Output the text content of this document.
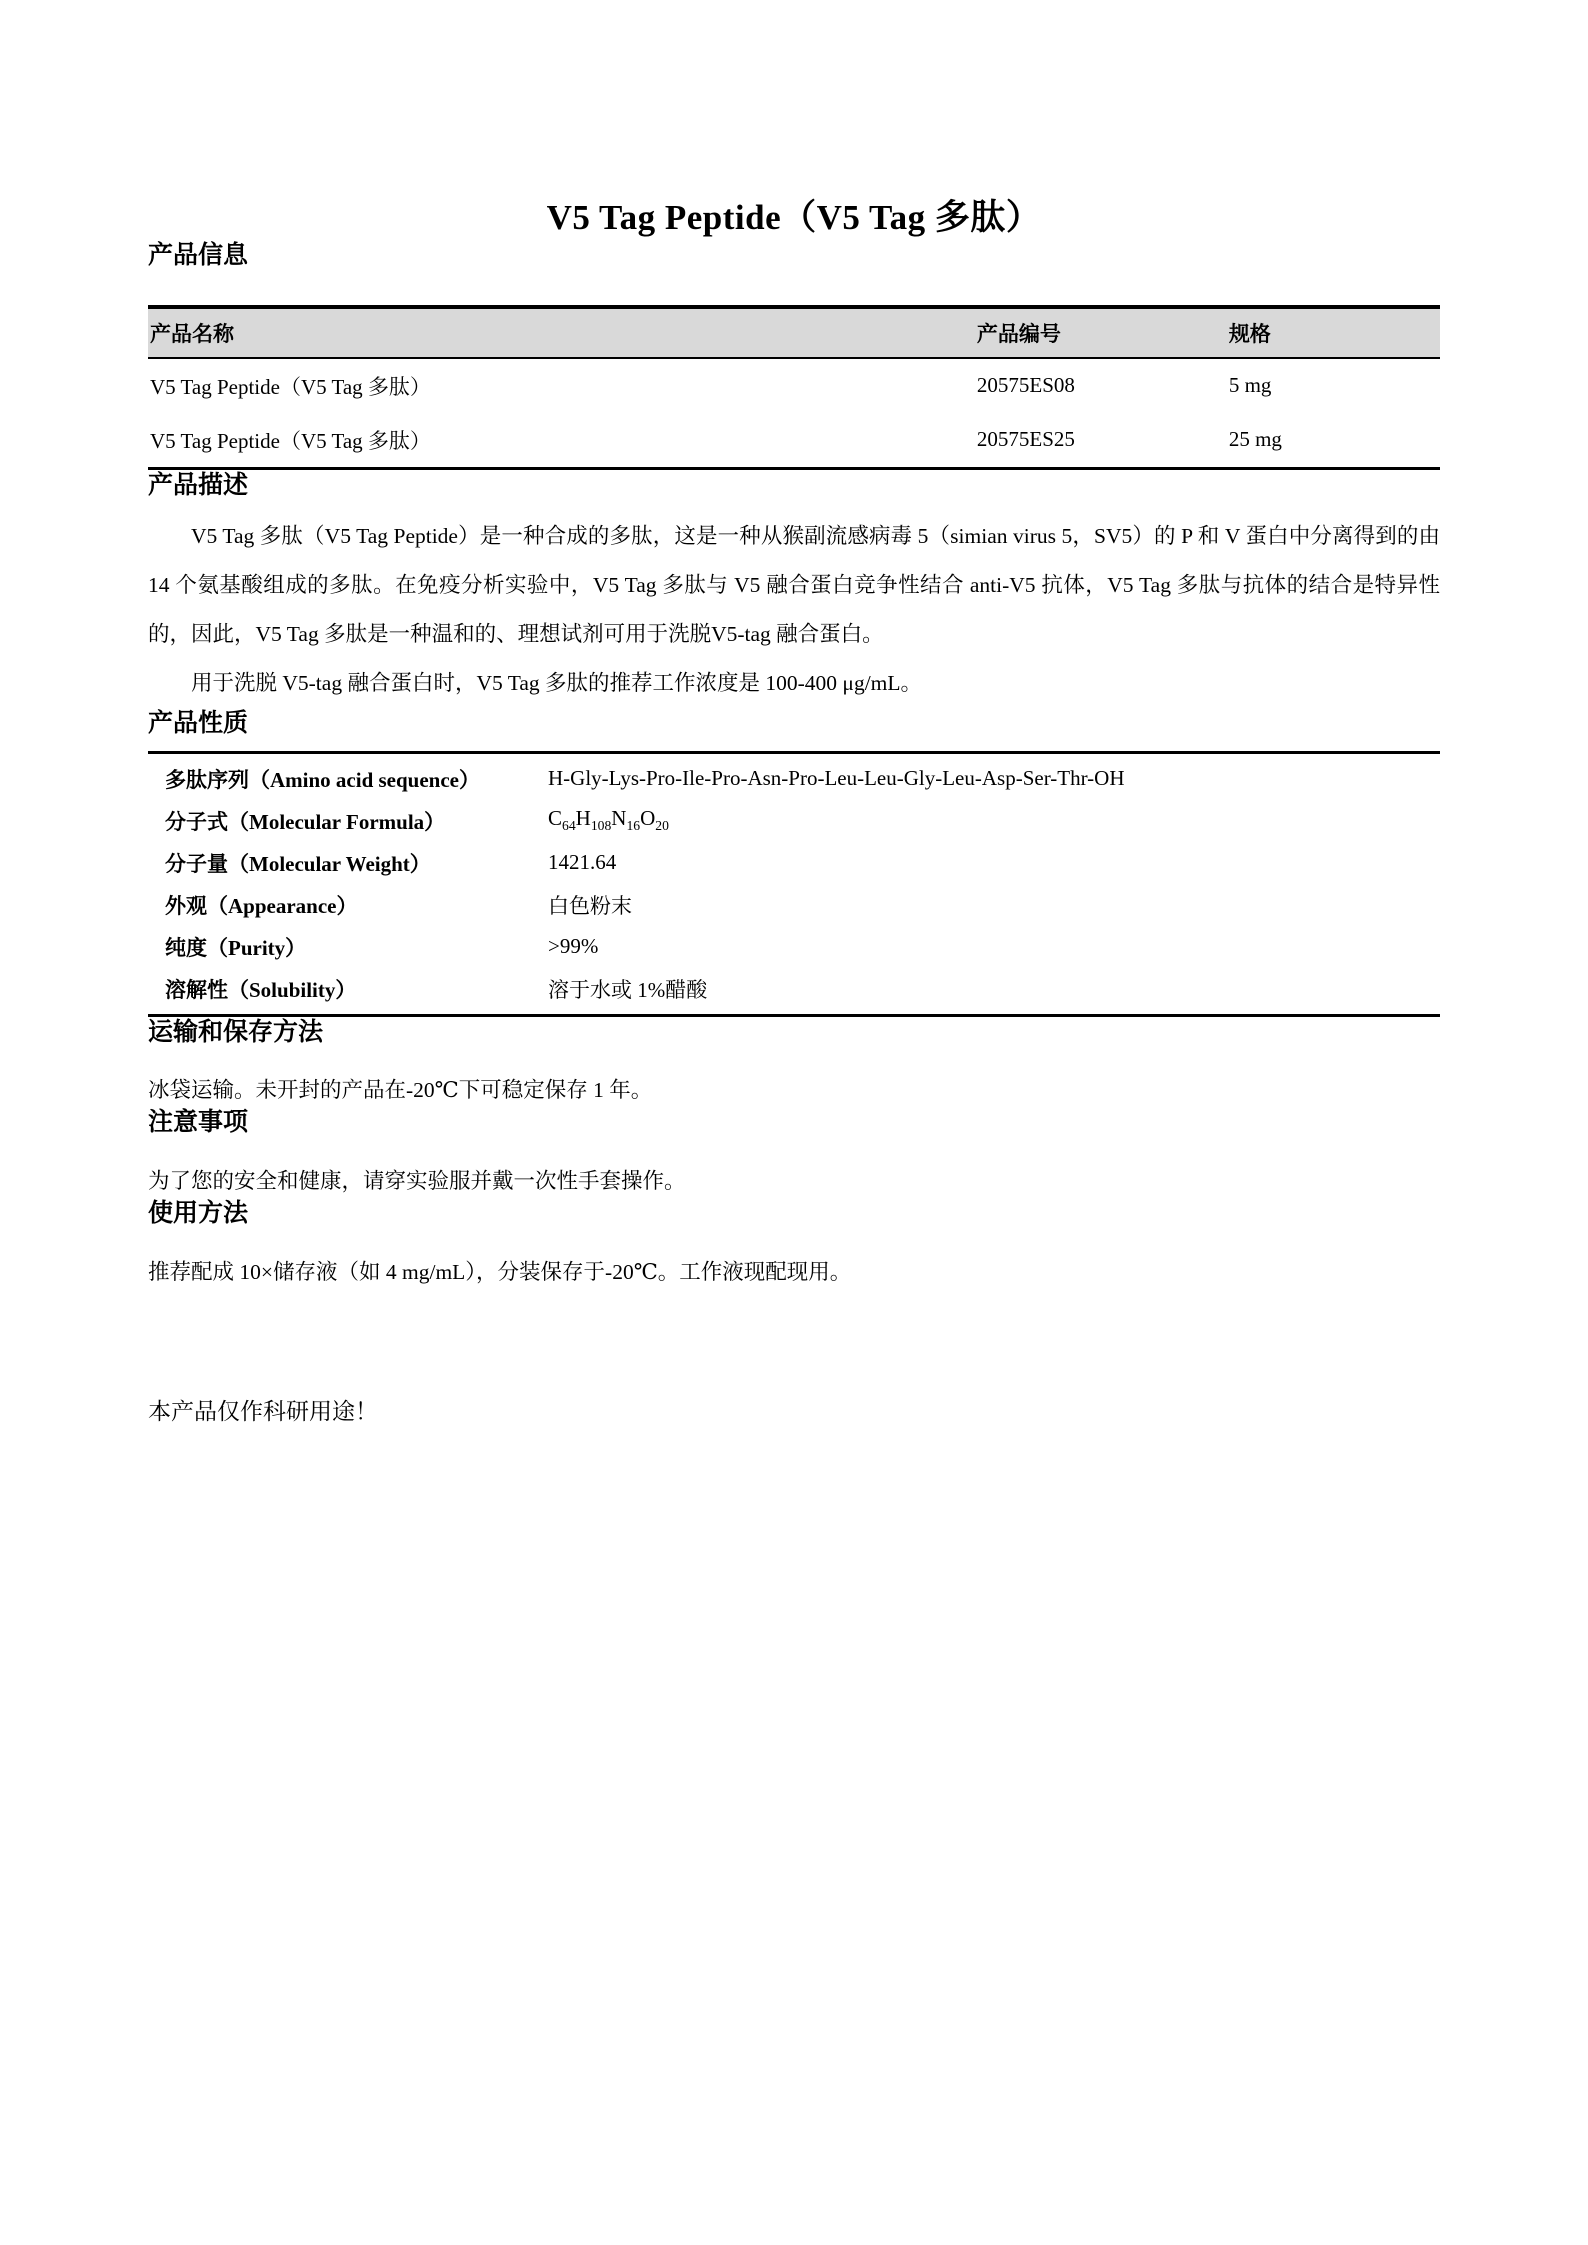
V5 Tag Peptide（V5 Tag 多肽）
产品信息
产品名称	产品编号	规格
V5 Tag Peptide（V5 Tag 多肽）	20575ES08	5 mg
V5 Tag Peptide（V5 Tag 多肽）	20575ES25	25 mg
产品描述

V5 Tag 多肽（V5 Tag Peptide）是一种合成的多肽，这是一种从猴副流感病毒 5（simian virus 5，SV5）的 P 和 V 蛋白中分离得到的由 14 个氨基酸组成的多肽。在免疫分析实验中，V5 Tag 多肽与 V5 融合蛋白竞争性结合 anti-V5 抗体，V5 Tag 多肽与抗体的结合是特异性的，因此，V5 Tag 多肽是一种温和的、理想试剂可用于洗脱V5-tag 融合蛋白。

用于洗脱 V5-tag 融合蛋白时，V5 Tag 多肽的推荐工作浓度是 100-400 μg/mL。

产品性质
多肽序列（Amino acid sequence）	H-Gly-Lys-Pro-Ile-Pro-Asn-Pro-Leu-Leu-Gly-Leu-Asp-Ser-Thr-OH
分子式（Molecular Formula）	$C_{64}H_{108}N_{16}O_{20}$
分子量（Molecular Weight）	1421.64
外观（Appearance）	白色粉末
纯度（Purity）	>99%
溶解性（Solubility）	溶于水或 1%醋酸
运输和保存方法

冰袋运输。未开封的产品在-20℃下可稳定保存 1 年。

注意事项

为了您的安全和健康，请穿实验服并戴一次性手套操作。

使用方法

推荐配成 10×储存液（如 4 mg/mL），分装保存于-20℃。工作液现配现用。

本产品仅作科研用途！
